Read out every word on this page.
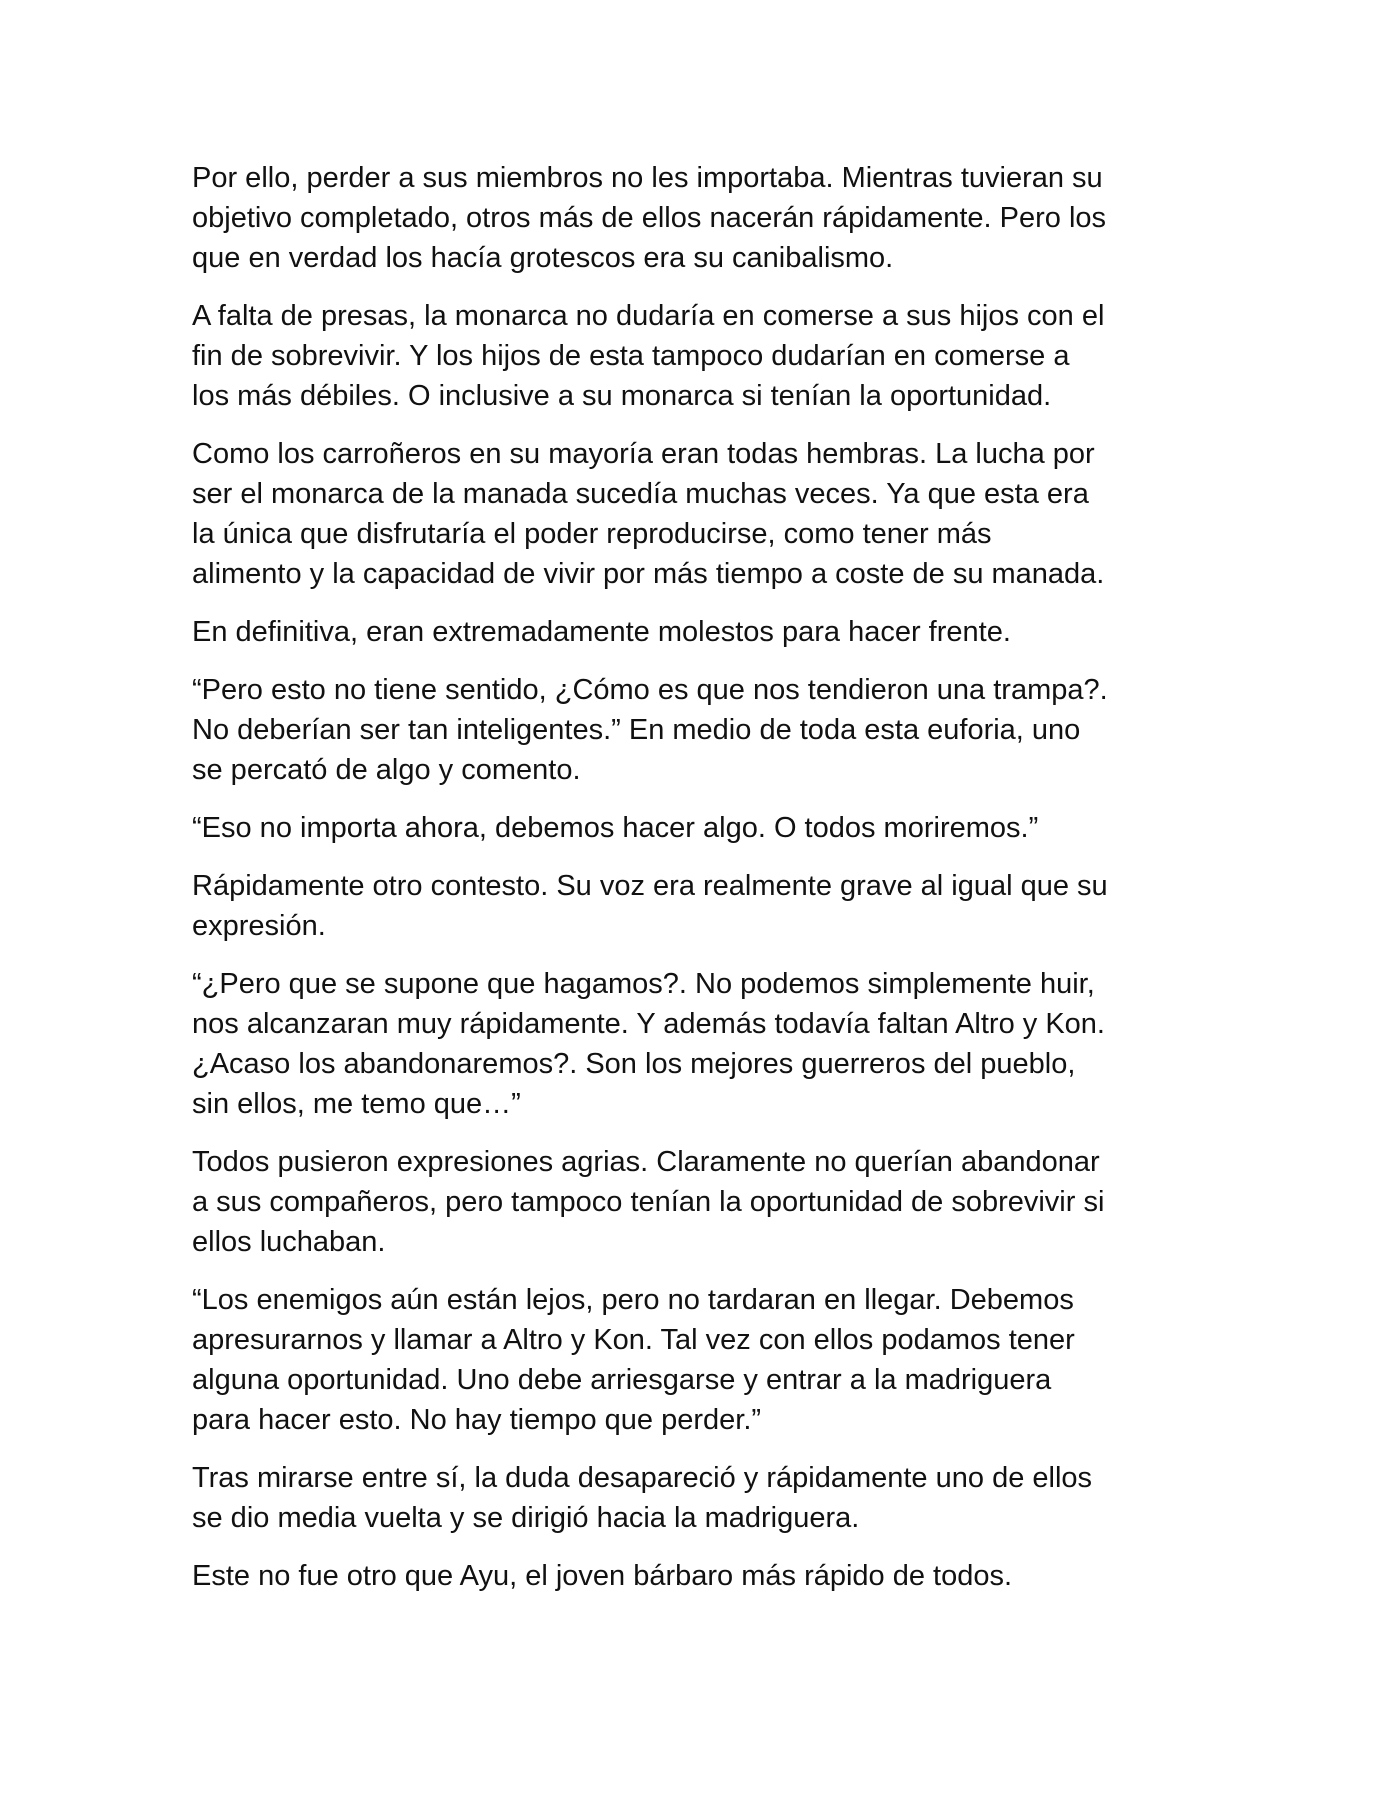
Por ello, perder a sus miembros no les importaba. Mientras tuvieran su
objetivo completado, otros más de ellos nacerán rápidamente. Pero los
que en verdad los hacía grotescos era su canibalismo.

A falta de presas, la monarca no dudaría en comerse a sus hijos con el
fin de sobrevivir. Y los hijos de esta tampoco dudarían en comerse a
los más débiles. O inclusive a su monarca si tenían la oportunidad.

Como los carroñeros en su mayoría eran todas hembras. La lucha por
ser el monarca de la manada sucedía muchas veces. Ya que esta era
la única que disfrutaría el poder reproducirse, como tener más
alimento y la capacidad de vivir por más tiempo a coste de su manada.

En definitiva, eran extremadamente molestos para hacer frente.

“Pero esto no tiene sentido, ¿Cómo es que nos tendieron una trampa?.
No deberían ser tan inteligentes.” En medio de toda esta euforia, uno
se percató de algo y comento.

“Eso no importa ahora, debemos hacer algo. O todos moriremos.”

Rápidamente otro contesto. Su voz era realmente grave al igual que su
expresión.

“¿Pero que se supone que hagamos?. No podemos simplemente huir,
nos alcanzaran muy rápidamente. Y además todavía faltan Altro y Kon.
¿Acaso los abandonaremos?. Son los mejores guerreros del pueblo,
sin ellos, me temo que…”

Todos pusieron expresiones agrias. Claramente no querían abandonar
a sus compañeros, pero tampoco tenían la oportunidad de sobrevivir si
ellos luchaban.

“Los enemigos aún están lejos, pero no tardaran en llegar. Debemos
apresurarnos y llamar a Altro y Kon. Tal vez con ellos podamos tener
alguna oportunidad. Uno debe arriesgarse y entrar a la madriguera
para hacer esto. No hay tiempo que perder.”

Tras mirarse entre sí, la duda desapareció y rápidamente uno de ellos
se dio media vuelta y se dirigió hacia la madriguera.

Este no fue otro que Ayu, el joven bárbaro más rápido de todos.
